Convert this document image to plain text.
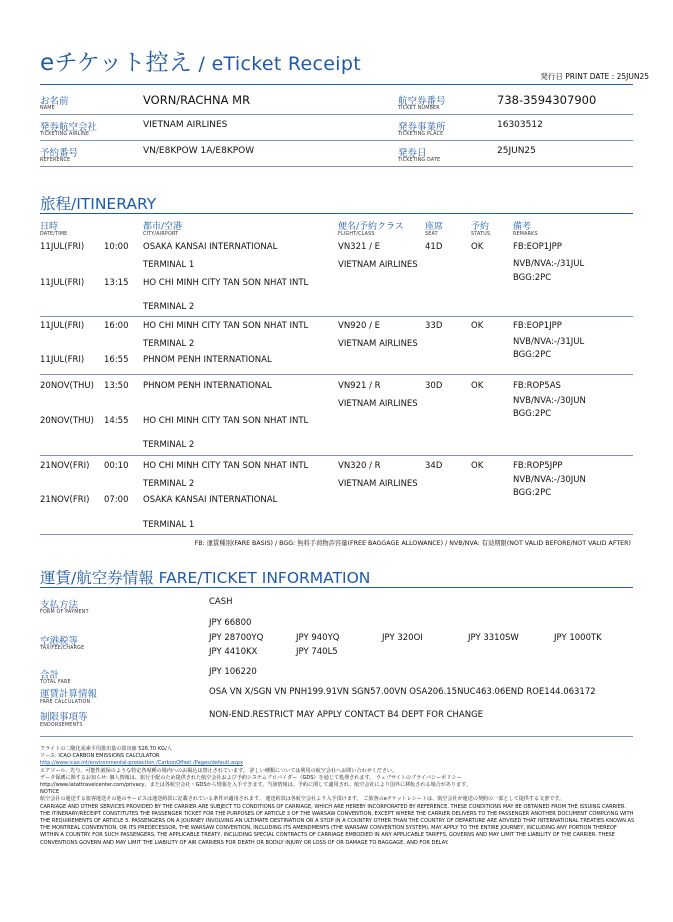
eチケット控え / eTicket Receipt
発行日 PRINT DATE : 25JUN25
お名前
NAME
VORN/RACHNA MR	航空券番号
TICKET NUMBER
738-3594307900
発券航空会社
TICKETING AIRLINE
VIETNAM AIRLINES	発券事業所
TICKETING PLACE
16303512
予約番号
REFERENCE
VN/E8KPOW 1A/E8KPOW	発券日
TICKETING DATE
25JUN25
旅程/ITINERARY
日時
DATE/TIME
都市/空港
CITY/AIRPORT
便名/予約クラス
FLIGHT/CLASS
座席
SEAT
予約
STATUS
備考
REMARKS
11JUL(FRI) 10:00 OSAKA KANSAI INTERNATIONAL
TERMINAL 1
11JUL(FRI) 13:15 HO CHI MINH CITY TAN SON NHAT INTL
TERMINAL 2
VN321 / E
VIETNAM AIRLINES
41D	OK	FB:EOP1JPP
NVB/NVA:-/31JUL
BGG:2PC
11JUL(FRI) 16:00 HO CHI MINH CITY TAN SON NHAT INTL
TERMINAL 2
11JUL(FRI) 16:55 PHNOM PENH INTERNATIONAL
VN920 / E
VIETNAM AIRLINES
33D	OK	FB:EOP1JPP
NVB/NVA:-/31JUL
BGG:2PC
20NOV(THU) 13:50 PHNOM PENH INTERNATIONAL
20NOV(THU) 14:55 HO CHI MINH CITY TAN SON NHAT INTL
TERMINAL 2
VN921 / R
VIETNAM AIRLINES
30D	OK	FB:ROP5AS
NVB/NVA:-/30JUN
BGG:2PC
21NOV(FRI) 00:10 HO CHI MINH CITY TAN SON NHAT INTL
TERMINAL 2
21NOV(FRI) 07:00 OSAKA KANSAI INTERNATIONAL
TERMINAL 1
VN320 / R
VIETNAM AIRLINES
34D	OK	FB:ROP5JPP
NVB/NVA:-/30JUN
BGG:2PC
FB: 運賃種別(FARE BASIS) / BGG: 無料手荷物許容量(FREE BAGGAGE ALLOWANCE) / NVB/NVA: 有効期限(NOT VALID BEFORE/NOT VALID AFTER)
運賃/航空券情報 FARE/TICKET INFORMATION
支払方法
FORM OF PAYMENT
CASH
JPY 66800
空港税等
TAX/FEE/CHARGE
JPY 28700YQ	JPY 940YQ	JPY 320OI	JPY 3310SW	JPY 1000TK
JPY 4410KX	JPY 740L5
合計
TOTAL FARE
JPY 106220
運賃計算情報
FARE CALCULATION
OSA VN X/SGN VN PNH199.91VN SGN57.00VN OSA206.15NUC463.06END ROE144.063172
制限事項等
ENDORSEMENTS
NON-END.RESTRICT MAY APPLY CONTACT B4 DEPT FOR CHANGE

フライトの二酸化炭素平均排出量の算出値 526.70 KG/人

ソース: ICAO CARBON EMISSIONS CALCULATOR

http://www.icao.int/environmental-protection /CarbonOffset /Pages/default.aspx

エアソール、先与、可能性就保のような特定各席種の場内へのお掲込は禁止されています。 詳しい種類については利用の航空会社へお問い合わせください。

データ保護に関するお知らせ: 個人情報は、旅行手配のため提供された航空会社および予約システムプロバイダー（GDS）を通じて処理されます。 ウェブサイトのプライバシーポリシー

http://www.latattravelcenter.com/privacy、または各航空会社・GDSから情報を入手できます。当該情報は、予約に関して適用され、航空会社により国外に移転される場合があります。

NOTICE

航空会社の運送する旅客運送その他のサービスは運送約款に記載されている条件が適用されます。 運送約款は各航空会社より入手頂けます。 ご旅客のeチケットレシートは、航空会社が運送の契約の一部として提供する文書です。

CARRIAGE AND OTHER SERVICES PROVIDED BY THE CARRIER ARE SUBJECT TO CONDITIONS OF CARRIAGE, WHICH ARE HEREBY INCORPORATED BY REFERENCE. THESE CONDITIONS MAY BE OBTAINED FROM THE ISSUING CARRIER. THE ITINERARY/RECEIPT CONSTITUTES THE PASSENGER TICKET FOR THE PURPOSES OF ARTICLE 3 OF THE WARSAW CONVENTION, EXCEPT WHERE THE CARRIER DELIVERS TO THE PASSENGER ANOTHER DOCUMENT COMPLYING WITH THE REQUIREMENTS OF ARTICLE 3. PASSENGERS ON A JOURNEY INVOLVING AN ULTIMATE DESTINATION OR A STOP IN A COUNTRY OTHER THAN THE COUNTRY OF DEPARTURE ARE ADVISED THAT INTERNATIONAL TREATIES KNOWN AS THE MONTREAL CONVENTION, OR ITS PREDECESSOR, THE WARSAW CONVENTION, INCLUDING ITS AMENDMENTS (THE WARSAW CONVENTION SYSTEM), MAY APPLY TO THE ENTIRE JOURNEY, INCLUDING ANY PORTION THEREOF WITHIN A COUNTRY. FOR SUCH PASSENGERS, THE APPLICABLE TREATY, INCLUDING SPECIAL CONTRACTS OF CARRIAGE EMBODIED IN ANY APPLICABLE TARIFFS, GOVERNS AND MAY LIMIT THE LIABILITY OF THE CARRIER. THESE CONVENTIONS GOVERN AND MAY LIMIT THE LIABILITY OF AIR CARRIERS FOR DEATH OR BODILY INJURY OR LOSS OF OR DAMAGE TO BAGGAGE, AND FOR DELAY.
